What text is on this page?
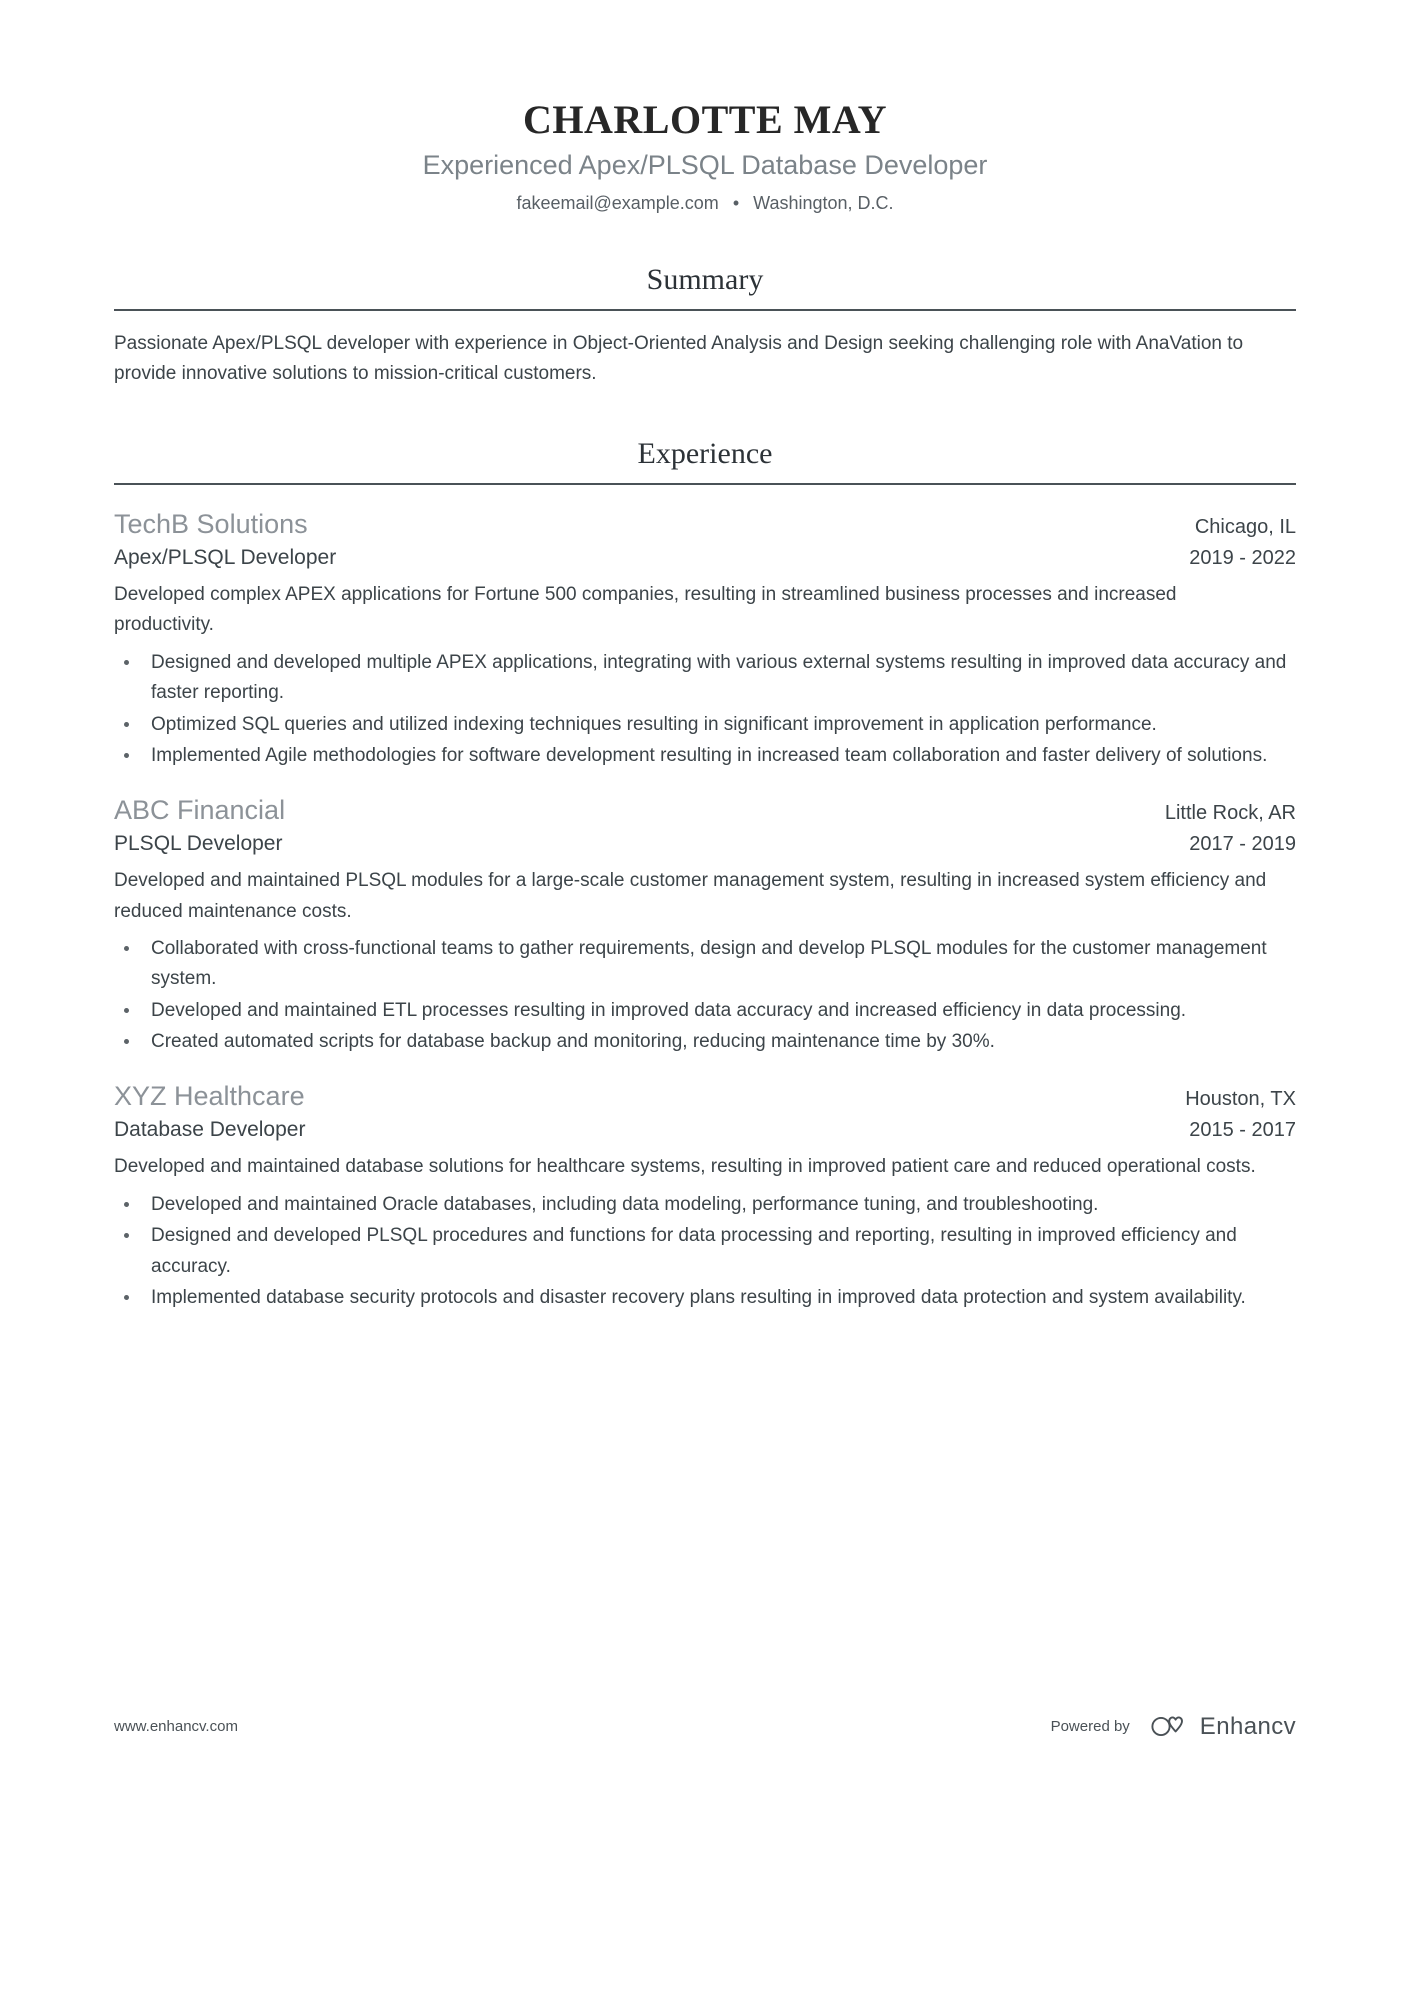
CHARLOTTE MAY
Experienced Apex/PLSQL Database Developer
fakeemail@example.com • Washington, D.C.
Summary
Passionate Apex/PLSQL developer with experience in Object-Oriented Analysis and Design seeking challenging role with AnaVation to provide innovative solutions to mission-critical customers.
Experience
TechB Solutions	Chicago, IL
Apex/PLSQL Developer	2019 - 2022
Developed complex APEX applications for Fortune 500 companies, resulting in streamlined business processes and increased productivity.
Designed and developed multiple APEX applications, integrating with various external systems resulting in improved data accuracy and faster reporting.
Optimized SQL queries and utilized indexing techniques resulting in significant improvement in application performance.
Implemented Agile methodologies for software development resulting in increased team collaboration and faster delivery of solutions.
ABC Financial	Little Rock, AR
PLSQL Developer	2017 - 2019
Developed and maintained PLSQL modules for a large-scale customer management system, resulting in increased system efficiency and reduced maintenance costs.
Collaborated with cross-functional teams to gather requirements, design and develop PLSQL modules for the customer management system.
Developed and maintained ETL processes resulting in improved data accuracy and increased efficiency in data processing.
Created automated scripts for database backup and monitoring, reducing maintenance time by 30%.
XYZ Healthcare	Houston, TX
Database Developer	2015 - 2017
Developed and maintained database solutions for healthcare systems, resulting in improved patient care and reduced operational costs.
Developed and maintained Oracle databases, including data modeling, performance tuning, and troubleshooting.
Designed and developed PLSQL procedures and functions for data processing and reporting, resulting in improved efficiency and accuracy.
Implemented database security protocols and disaster recovery plans resulting in improved data protection and system availability.
www.enhancv.com	Powered by	Enhancv
